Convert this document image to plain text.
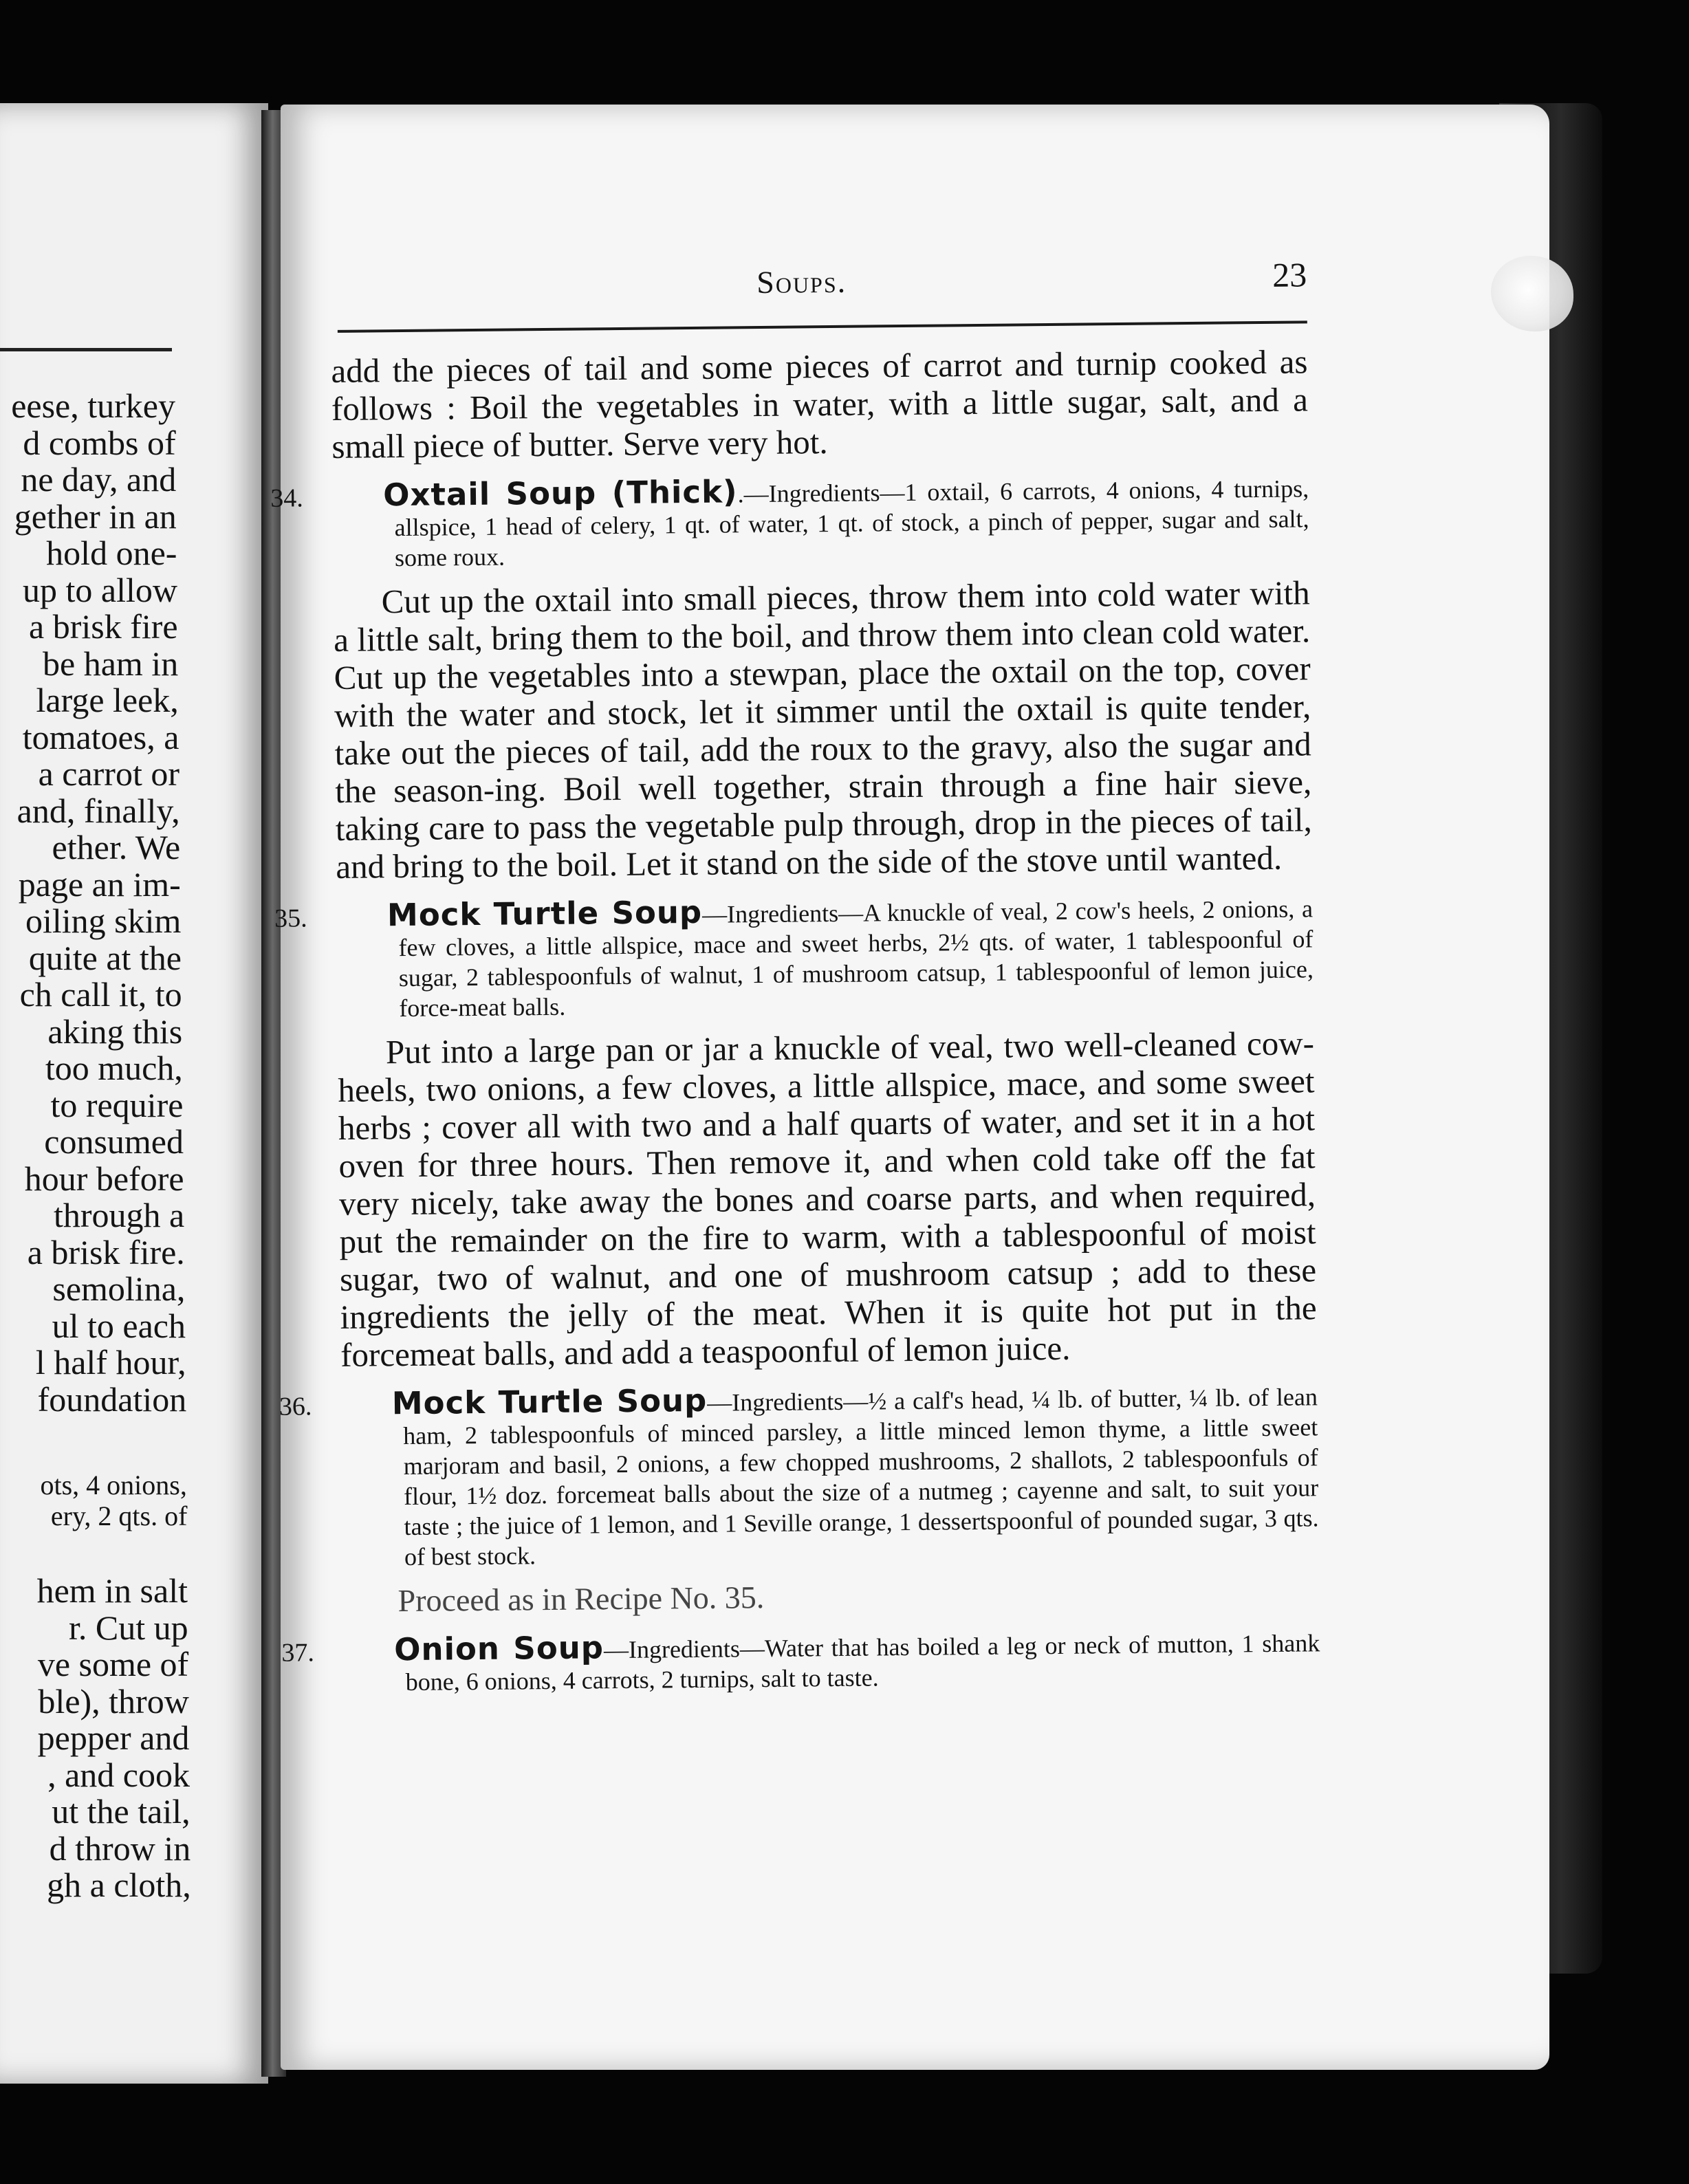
eese, turkey
d combs of
ne day, and
gether in an
hold one-
up to allow
a brisk fire
be ham in
large leek,
tomatoes, a
a carrot or
and, finally,
ether. We
page an im-
oiling skim
quite at the
ch call it, to
aking this
too much,
to require
consumed
hour before
through a
a brisk fire.
semolina,
ul to each
l half hour,
foundation
ots, 4 onions,
ery, 2 qts. of
hem in salt
r. Cut up
ve some of
ble), throw
pepper and
, and cook
ut the tail,
d throw in
gh a cloth,
Soups.	23

add the pieces of tail and some pieces of carrot and turnip cooked as follows : Boil the vegetables in water, with a little sugar, salt, and a small piece of butter. Serve very hot.

34.	Oxtail Soup (Thick).—Ingredients—1 oxtail, 6 carrots, 4 onions, 4 turnips, allspice, 1 head of celery, 1 qt. of water, 1 qt. of stock, a pinch of pepper, sugar and salt, some roux.

Cut up the oxtail into small pieces, throw them into cold water with a little salt, bring them to the boil, and throw them into clean cold water. Cut up the vegetables into a stewpan, place the oxtail on the top, cover with the water and stock, let it simmer until the oxtail is quite tender, take out the pieces of tail, add the roux to the gravy, also the sugar and the season-ing. Boil well together, strain through a fine hair sieve, taking care to pass the vegetable pulp through, drop in the pieces of tail, and bring to the boil. Let it stand on the side of the stove until wanted.

35.	Mock Turtle Soup—Ingredients—A knuckle of veal, 2 cow's heels, 2 onions, a few cloves, a little allspice, mace and sweet herbs, 2½ qts. of water, 1 tablespoonful of sugar, 2 tablespoonfuls of walnut, 1 of mushroom catsup, 1 tablespoonful of lemon juice, force-meat balls.

Put into a large pan or jar a knuckle of veal, two well-cleaned cow-heels, two onions, a few cloves, a little allspice, mace, and some sweet herbs ; cover all with two and a half quarts of water, and set it in a hot oven for three hours. Then remove it, and when cold take off the fat very nicely, take away the bones and coarse parts, and when required, put the remainder on the fire to warm, with a tablespoonful of moist sugar, two of walnut, and one of mushroom catsup ; add to these ingredients the jelly of the meat. When it is quite hot put in the forcemeat balls, and add a teaspoonful of lemon juice.

36.	Mock Turtle Soup—Ingredients—½ a calf's head, ¼ lb. of butter, ¼ lb. of lean ham, 2 tablespoonfuls of minced parsley, a little minced lemon thyme, a little sweet marjoram and basil, 2 onions, a few chopped mushrooms, 2 shallots, 2 tablespoonfuls of flour, 1½ doz. forcemeat balls about the size of a nutmeg ; cayenne and salt, to suit your taste ; the juice of 1 lemon, and 1 Seville orange, 1 dessertspoonful of pounded sugar, 3 qts. of best stock.

Proceed as in Recipe No. 35.

37.	Onion Soup—Ingredients—Water that has boiled a leg or neck of mutton, 1 shank bone, 6 onions, 4 carrots, 2 turnips, salt to taste.
